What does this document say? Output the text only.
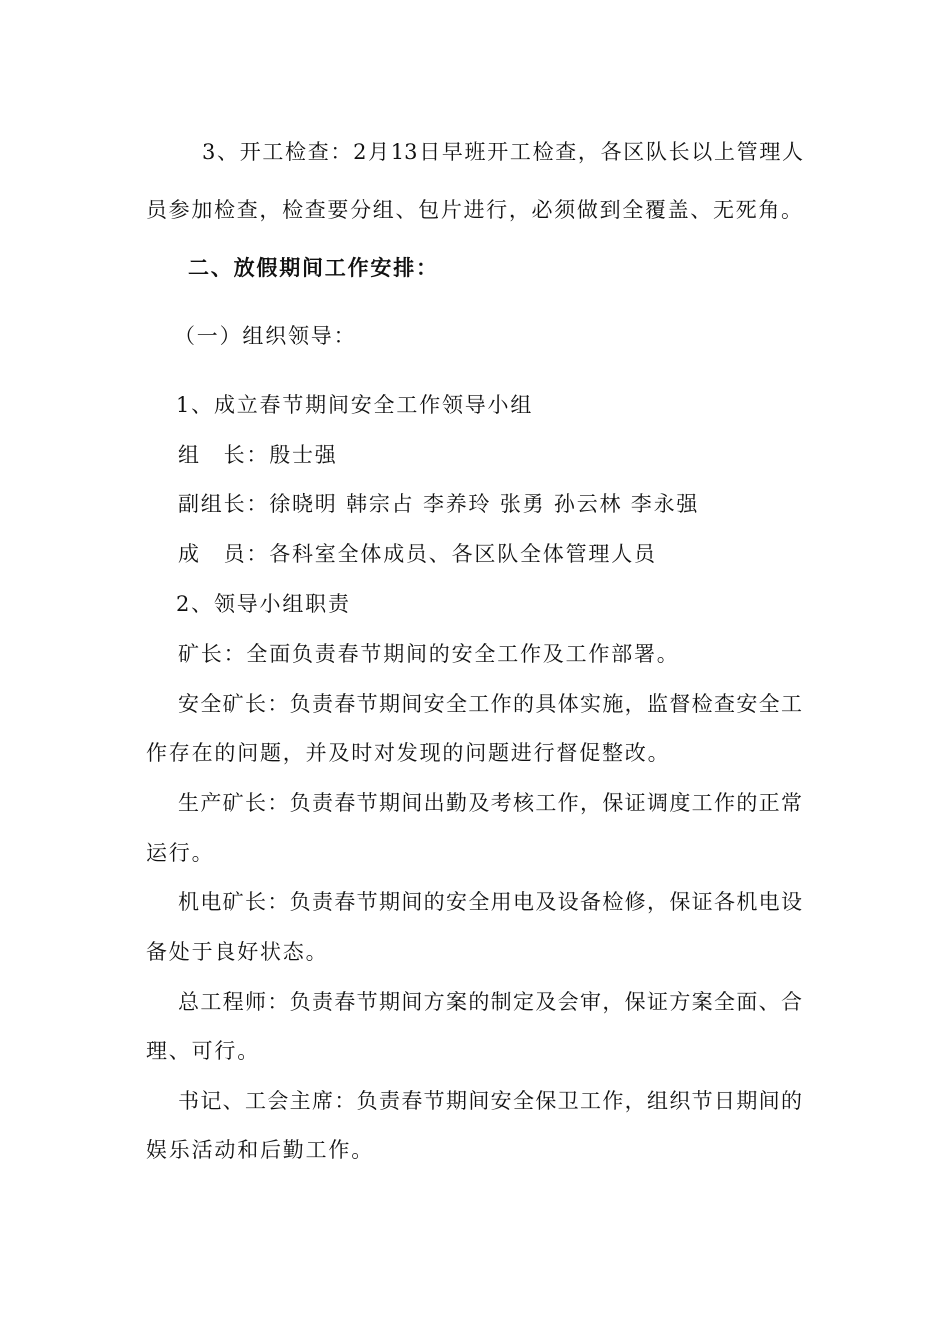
3、开工检查：2月13日早班开工检查，各区队长以上管理人
员参加检查，检查要分组、包片进行，必须做到全覆盖、无死角。
二、放假期间工作安排：
（一）组织领导：
1、成立春节期间安全工作领导小组
组　长：殷士强
副组长：徐晓明 韩宗占 李养玲 张勇 孙云林 李永强
成　员：各科室全体成员、各区队全体管理人员
2、领导小组职责
矿长：全面负责春节期间的安全工作及工作部署。
安全矿长：负责春节期间安全工作的具体实施，监督检查安全工
作存在的问题，并及时对发现的问题进行督促整改。
生产矿长：负责春节期间出勤及考核工作，保证调度工作的正常
运行。
机电矿长：负责春节期间的安全用电及设备检修，保证各机电设
备处于良好状态。
总工程师：负责春节期间方案的制定及会审，保证方案全面、合
理、可行。
书记、工会主席：负责春节期间安全保卫工作，组织节日期间的
娱乐活动和后勤工作。
